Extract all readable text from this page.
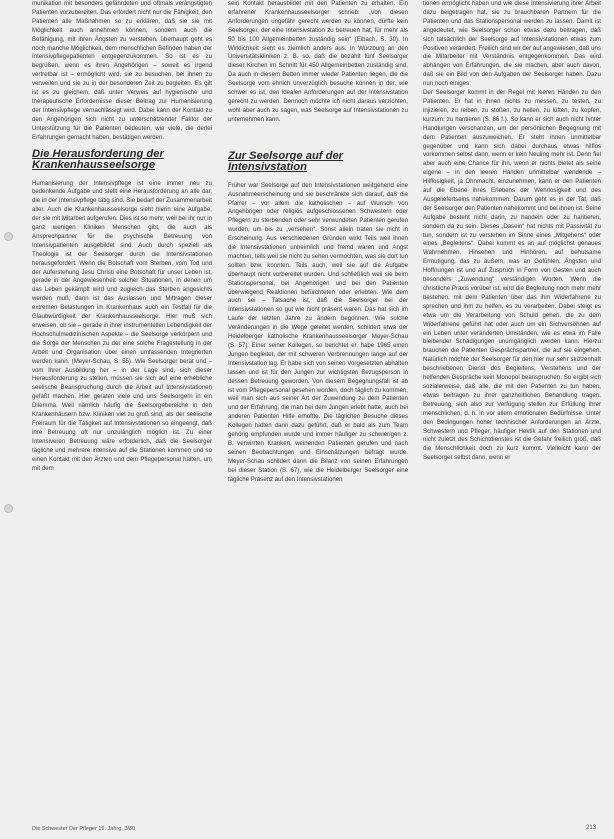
munikation mit besonders gefährdeten und oftmals verängstigten Patienten vorzubereiten. Das erfordert nicht nur die Fähigkeit, den Patienten alle Maßnahmen so zu erklären, daß sie sie mit Möglichkeit auch annehmen können, sondern auch die Befähigung, mit ihren Ängsten zu verstehen, überhaupt geht es noch manche Möglichkeit, dem menschlichen Befinden haben der Intensivpflegepatienten entgegenzukommen. So ist es zu begrüßen, wenn es ihren Angehörigen – soweit es irgend vertretbar ist – ermöglicht wird, sie zu besuchen, bei ihnen zu verweilen und sie zu in der besonderen Zeit zu begleiten. Es gilt ist es zu gleichem, daß unter Verweis auf hygienische und therapeutische Erfordernisse dieser Beitrag zur Humanisierung der Intensivpflege vernachlässigt wird. Dabei kann der Kontakt zu den Angehörigen sich nicht zu unterschätzender Faktor der Unterstützung für die Patienten bedeuten, wie viele, die derlei Erfahrungen gemacht haben, bestätigen werden.

Die Herausforderung der Krankenhausseelsorge

Humanisierung der Intensivpflege ist eine immer neu zu bedenkende Aufgabe und stellt eine Herausforderung an alle dar, die in der Intensivpflege tätig sind. Sie bedarf der Zusammenarbeit aller. Auch die Krankenhausseelsorge sieht hierin eine Aufgabe, der sie mit Mitarbeit aufgerufen. Dies ist so mehr, weil bei ihr nur in ganz wenigen Kliniken Menschen gibt, die auch als Ansprechpartner für die psychische Betreuung von Intensivpatienten ausgebildet sind. Auch durch speziell als Theologie ist der Seelsorger durch die Intensivstationen herausgefordert. Wenn die Botschaft vom Sterben, vom Tod und der Auferstehung Jesu Christi eine Botschaft für unser Leben ist, gerade in der Angewiesenheit solcher Situationen, in denen um das Leben gekämpft wird und zugleich das Sterben angesichts werden muß, dann ist das Auslassen und Mittragen dieser extremen Belastungen im Krankenhaus auch ein Testfall für die Glaubwürdigkeit der Krankenhausseelsorge. Hier muß sich erweisen, ob sie – gerade in ihrer instrumentellen Lebendigkeit der Hochschulmedizinischen Aspekte – die Seelsorge verkörpern und die Sorge der Menschen zu der eine solche Fragestellung in der Arbeit und Organisation über einen umfassenden Integrierten werden kann. (Meyer-Schau, S. 55). Wie Seelsorger berät und – vom Ihrer Ausbildung her – in der Lage sind, sich dieser Herausforderung zu stellen, müssen sie sich auf eine erhebliche seelische Beanspruchung durch die Arbeit auf Intensivstationen gefaßt machen. Hier geraten viele und uns Seelsorgern in ein Dilemma. Weil nämlich häufig die Seelsorgebereiche in den Krankenhäusern bzw. Kliniken viel zu groß sind, als der seelische Freiraum für die Tätigkeit auf Intensivstationen so eingeengt, daß ihre Betreuung oft nur unzulänglich möglich ist. Zu einer Intensiveren Betreuung wäre erforderlich, daß die Seelsorger tägliche und mehrere intensive auf die Stationen kommen und so einen Kontakt mit den Ärzten und dem Pflegepersonal halten, um mit dem

sein Kontakt herausbildet mit den Patienten zu erhalten. Ein erfahrener Krankenhausseelsorger schrieb: „Von diesen Anforderungen ungefähr gerecht werden zu können, dürfte kein Seelsorger, der eine Intensivstation zu betreuen hat, für mehr als 50 bis 100 Allgemeinbetten zuständig sein“ (Eibach, S. 30). In Wirklichkeit sieht es ziemlich anders aus. In Würzburg an den Universitätskliniken z. B. so, daß die bezahlt fünf Seelsorger dieser Kirchen im Schnitt für 450 Allgemeinbetten zuständig sind. Da auch in diesem Betten immer wieder Patienten liegen, die die Seelsorge vom ehrlich unverzüglich besuche können in der, wie schwer es ist, den idealen Anforderungen auf der Intensivstation gerecht zu werden. Dennoch möchte ich nicht daraus verzichten, wohl aber auch zu sagen, was Seelsorge auf Intensivstationen zu unternehmen kann.

Zur Seelsorge auf der Intensivstation

Früher war Seelsorge auf den Intensivstationen weitgehend eine Ausnahmeerscheinung und sie beschränkte sich darauf, daß die Pfarrer – vor allem die katholischen – auf Wunsch von Angehörigen oder religiös aufgeschlossenen Schwestern oder Pflegern zu sterbenden oder sehr verwundeten Patienten gerufen wurden, um bis zu „versehen“. Sonst allein traten sie nicht in Erscheinung. Aus verschiedenen Gründen wirkt Teils weil ihnen die Intensivstationen unheimlich und fremd waren und Angst machten, teils weil sie nicht zu sehen vermochten, was sie dort tun sollten bzw. konnten. Teils auch, weil sie auf die Aufgabe überhaupt nicht vorbereitet wurden. Und schließlich weil sie beim Stationspersonal, bei Angehörigen und bei den Patienten überwiegend Reaktionen befürchteten oder erlebten. Wie dem auch sei – Tatsache ist, daß die Seelsorger bei der Intensivstationen so gut wie nicht präsent waren. Das hat sich im Laufe der letzten Jahre zu ändern begonnen. Wie solche Veränderungen in die Wege geleitet werden, schildert etwa der Heidelberger katholische Krankenhausseelsorger Meyer-Schau (S. 57): Einer seiner Kollegen, so berichtet er, habe 1965 einen Jungen begleitet, der mit schweren Verbrennungen lange auf der Intensivstation lag. Er habe sich von seinen Vorgesetzten abhalten lassen und ist für den Jungen zur wichtigsten Bezugsperson in dessen Betreuung geworden. Von diesem Begegnungsfall ist ab ist vom Pflegepersonal gesehen worden, doch täglich zu kommen, weil man sich aus seiner Art der Zuwendung zu dem Patienten und der Erfahrung, die man bei dem Jungen erlebt hatte, auch bei anderen Patienten Hilfe erhoffte. Die täglichen Besuche dieses Kollegen hatten dann dazu geführt, daß er bald als zum Team gehörig empfunden wurde und immer häufiger zu schwierigen z. B. verwirrten Kranken, weinenden Patienten gerufen und nach seinen Beobachtungen und Einschätzungen befragt wurde. Meyer-Schau schildert dann die Bilanz von seinen Erfahrungen bei dieser Station (S. 67), wie die Heidelberger Seelsorger eine tägliche Präsenz auf den Intensivstationen

tionen ermöglicht haben und wie diese Intensivierung ihrer Arbeit dazu beigetragen hat, sie zu brauchbaren Partnern für die Patienten und das Stationspersonal werden zu lassen. Damit ist angedeutet, wie Seelsorger schon etwas dazu beitragen, daß sich tatsächlich der Seelsorge auf Intensivstationen etwas zum Positiven verändert. Freilich sind wir der auf angewiesen, daß uns die Mitarbeiter mit Verständnis entgegenkommen. Das wird abhängen von Erfahrungen, die sie machen, aber auch davon, daß sie ein Bild von den Aufgaben der Seelsorger haben. Dazu nun noch einiges:

Der Seelsorger kommt in der Regel mit leeren Händen zu den Patienten. Er hat in ihnen nichts zu messen, zu testen, zu injizieren, zu reiben, zu stoßen, zu heilen, zu lüften, zu kopfen, kurzum: zu hantieren (S. 86 f.). So kann er sich auch nicht hinter Handlungen verschanzen, um der persönlichen Begegnung mit dem Patienten auszuweichen. Er steht ihnen unmittelbar gegenüber und kann sich dabei durchaus etwas hilflos vorkommen selbst dann, wenn er kein Neuling mehr ist. Denn fiel aber auch eine Chance für ihn, wenn er nichts bietet als seine eigene – in den leeren Händen unmittelbar wendende – Hilflosigkeit, ja Ohnmacht, einzunehmen, kann er den Patienten auf die Ebene ihres Erlebens der Wehrlosigkeit und des Ausgeliefertseins nahekommen. Darum geht es in der Tat, daß der Seelsorger den Patienten nahekommt und bei ihnen ist. Seine Aufgabe besteht nicht darin, zu handeln oder zu hantieren, sondern da zu sein. Dieses „Dasein“ hat nichts mit Passivität zu tun, sondern ist zu verstehen im Sinne eines „Mitgehens“ oder eines „Begleitens“. Dabei kommt es an auf möglichst genaues Wahrnehmen, Hinsehen und Hinhören, auf behutsame Ermutigung, das zu äußern, was an Gefühlen, Ängsten und Hoffnungen ist und auf Zuspruch in Form von Gesten und auch besonders „Zuwendung“ verständigen Worten. Wenn die christliche Praxis vorüber ist, wird die Begleitung noch mehr mehr bestehen, mit dem Patienten über das ihm Widerfahrene zu sprechen und ihm zu helfen, es zu verarbeiten. Dabei steigt es etwa um die Verarbeitung von Schuld gehen, die zu dem Widerfahrene geführt hat oder auch um ein Sichversöhnen auf ein Leben unter veränderten Umständen, wie es etwa im Falle bleibender Schädigungen unumgänglich werden kann. Hierzu brauchen die Patienten Gesprächspartner, die auf sie eingehen. Natürlich möchte der Seelsorger für den hier nur sehr skizzenhaft beschriebenen Dienst des Begleitens, Verstehens und der helfenden Gespräche kein Monopol beanspruchen. So ergibt sich sozialerweise, daß alle, die mit den Patienten zu tun haben, etwas beitragen zu ihrer ganzheitlichen Behandlung tragen. Betreuung, sich also zur Verfügung stellen zur Erfüllung ihrer menschlichen, d. h. in vor allem emotionalen Bedürfnisse. Unter den Bedingungen hoher technischer Anforderungen an Ärzte, Schwestern und Pfleger, häufiger Hektik auf den Stationen und nicht zuletzt des Schichtdienstes ist die Gefahr freilich groß, daß die Menschlichkeit doch zu kurz kommt. Vielleicht kann der Seelsorger selbst dann, wenn er

Die Schwester Der Pfleger 19. Jahrg. 3/80	213
